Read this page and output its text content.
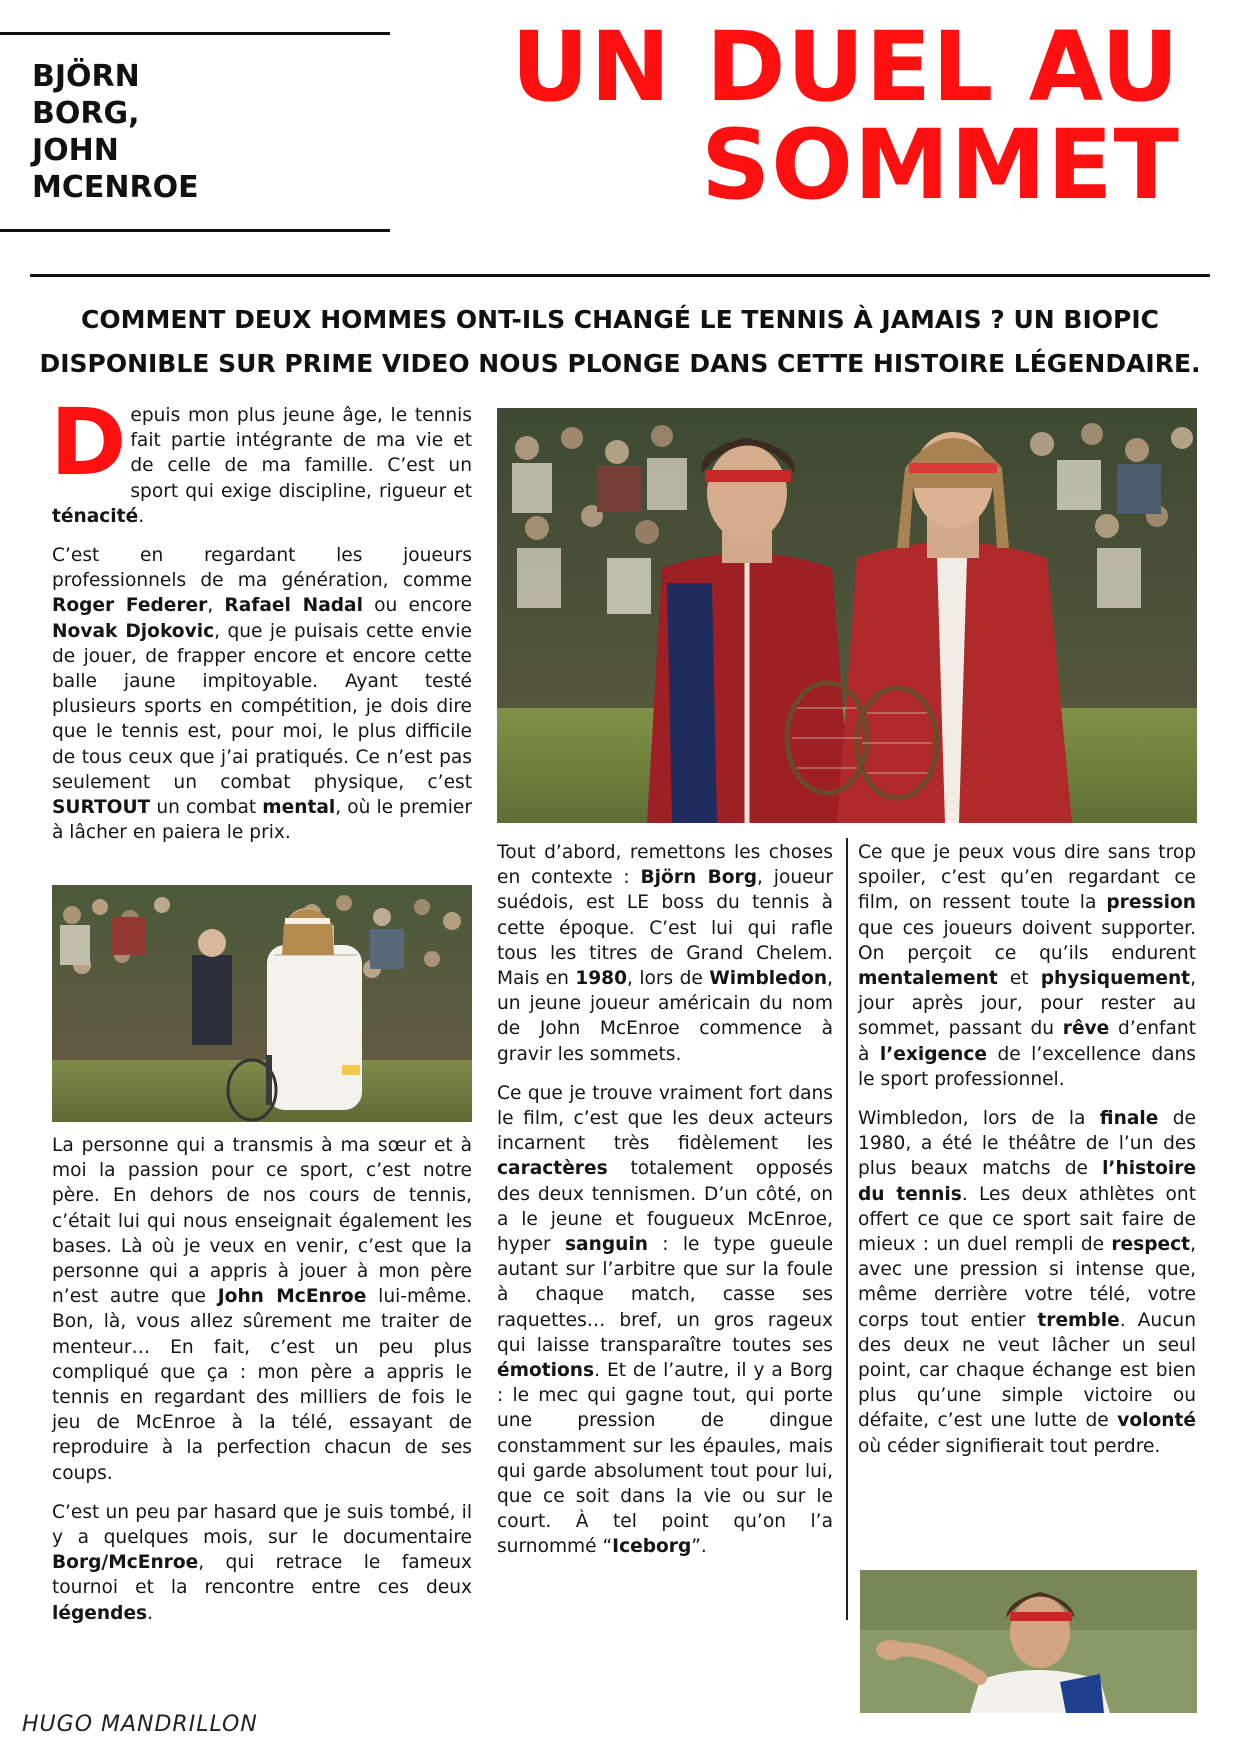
BJÖRN
BORG,
JOHN
MCENROE
UN DUEL AU
SOMMET
COMMENT DEUX HOMMES ONT-ILS CHANGÉ LE TENNIS À JAMAIS ? UN BIOPIC
DISPONIBLE SUR PRIME VIDEO NOUS PLONGE DANS CETTE HISTOIRE LÉGENDAIRE.

Depuis mon plus jeune âge, le tennis fait partie intégrante de ma vie et de celle de ma famille. C’est un sport qui exige discipline, rigueur et ténacité.

C’est en regardant les joueurs professionnels de ma génération, comme Roger Federer, Rafael Nadal ou encore Novak Djokovic, que je puisais cette envie de jouer, de frapper encore et encore cette balle jaune impitoyable. Ayant testé plusieurs sports en compétition, je dois dire que le tennis est, pour moi, le plus difficile de tous ceux que j’ai pratiqués. Ce n’est pas seulement un combat physique, c’est SURTOUT un combat mental, où le premier à lâcher en paiera le prix.

La personne qui a transmis à ma sœur et à moi la passion pour ce sport, c’est notre père. En dehors de nos cours de tennis, c’était lui qui nous enseignait également les bases. Là où je veux en venir, c’est que la personne qui a appris à jouer à mon père n’est autre que John McEnroe lui-même. Bon, là, vous allez sûrement me traiter de menteur… En fait, c’est un peu plus compliqué que ça : mon père a appris le tennis en regardant des milliers de fois le jeu de McEnroe à la télé, essayant de reproduire à la perfection chacun de ses coups.

C’est un peu par hasard que je suis tombé, il y a quelques mois, sur le documentaire Borg/McEnroe, qui retrace le fameux tournoi et la rencontre entre ces deux légendes.

Tout d’abord, remettons les choses en contexte : Björn Borg, joueur suédois, est LE boss du tennis à cette époque. C’est lui qui rafle tous les titres de Grand Chelem. Mais en 1980, lors de Wimbledon, un jeune joueur américain du nom de John McEnroe commence à gravir les sommets.

Ce que je trouve vraiment fort dans le film, c’est que les deux acteurs incarnent très fidèlement les caractères totalement opposés des deux tennismen. D’un côté, on a le jeune et fougueux McEnroe, hyper sanguin : le type gueule autant sur l’arbitre que sur la foule à chaque match, casse ses raquettes… bref, un gros rageux qui laisse transparaître toutes ses émotions. Et de l’autre, il y a Borg : le mec qui gagne tout, qui porte une pression de dingue constamment sur les épaules, mais qui garde absolument tout pour lui, que ce soit dans la vie ou sur le court. À tel point qu’on l’a surnommé “Iceborg”.

Ce que je peux vous dire sans trop spoiler, c’est qu’en regardant ce film, on ressent toute la pression que ces joueurs doivent supporter. On perçoit ce qu’ils endurent mentalement et physiquement, jour après jour, pour rester au sommet, passant du rêve d’enfant à l’exigence de l’excellence dans le sport professionnel.

Wimbledon, lors de la finale de 1980, a été le théâtre de l’un des plus beaux matchs de l’histoire du tennis. Les deux athlètes ont offert ce que ce sport sait faire de mieux : un duel rempli de respect, avec une pression si intense que, même derrière votre télé, votre corps tout entier tremble. Aucun des deux ne veut lâcher un seul point, car chaque échange est bien plus qu’une simple victoire ou défaite, c’est une lutte de volonté où céder signifierait tout perdre.

HUGO MANDRILLON
